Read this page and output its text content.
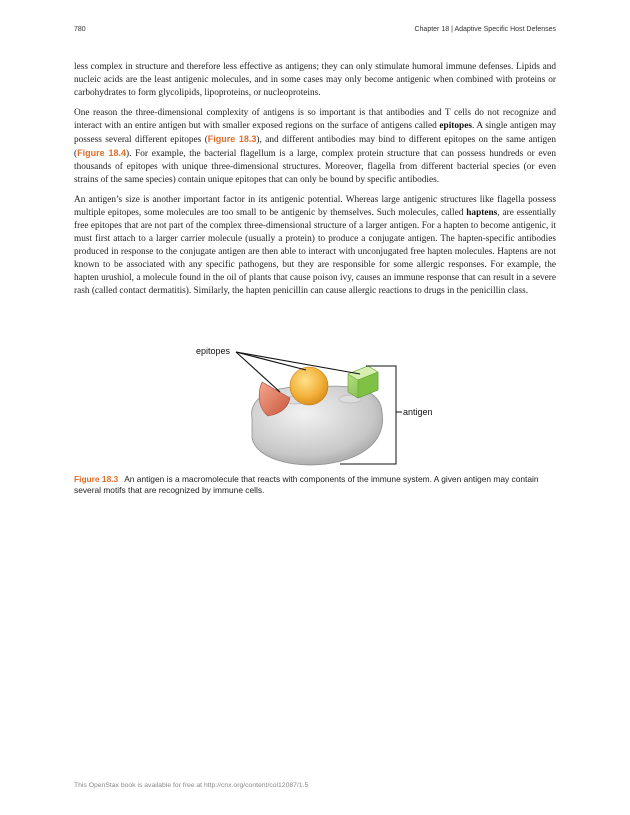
780	Chapter 18 | Adaptive Specific Host Defenses

less complex in structure and therefore less effective as antigens; they can only stimulate humoral immune defenses. Lipids and nucleic acids are the least antigenic molecules, and in some cases may only become antigenic when combined with proteins or carbohydrates to form glycolipids, lipoproteins, or nucleoproteins.

One reason the three-dimensional complexity of antigens is so important is that antibodies and T cells do not recognize and interact with an entire antigen but with smaller exposed regions on the surface of antigens called epitopes. A single antigen may possess several different epitopes (Figure 18.3), and different antibodies may bind to different epitopes on the same antigen (Figure 18.4). For example, the bacterial flagellum is a large, complex protein structure that can possess hundreds or even thousands of epitopes with unique three-dimensional structures. Moreover, flagella from different bacterial species (or even strains of the same species) contain unique epitopes that can only be bound by specific antibodies.

An antigen’s size is another important factor in its antigenic potential. Whereas large antigenic structures like flagella possess multiple epitopes, some molecules are too small to be antigenic by themselves. Such molecules, called haptens, are essentially free epitopes that are not part of the complex three-dimensional structure of a larger antigen. For a hapten to become antigenic, it must first attach to a larger carrier molecule (usually a protein) to produce a conjugate antigen. The hapten-specific antibodies produced in response to the conjugate antigen are then able to interact with unconjugated free hapten molecules. Haptens are not known to be associated with any specific pathogens, but they are responsible for some allergic responses. For example, the hapten urushiol, a molecule found in the oil of plants that cause poison ivy, causes an immune response that can result in a severe rash (called contact dermatitis). Similarly, the hapten penicillin can cause allergic reactions to drugs in the penicillin class.

epitopes
antigen
Figure 18.3 An antigen is a macromolecule that reacts with components of the immune system. A given antigen may contain several motifs that are recognized by immune cells.
This OpenStax book is available for free at http://cnx.org/content/col12087/1.5
